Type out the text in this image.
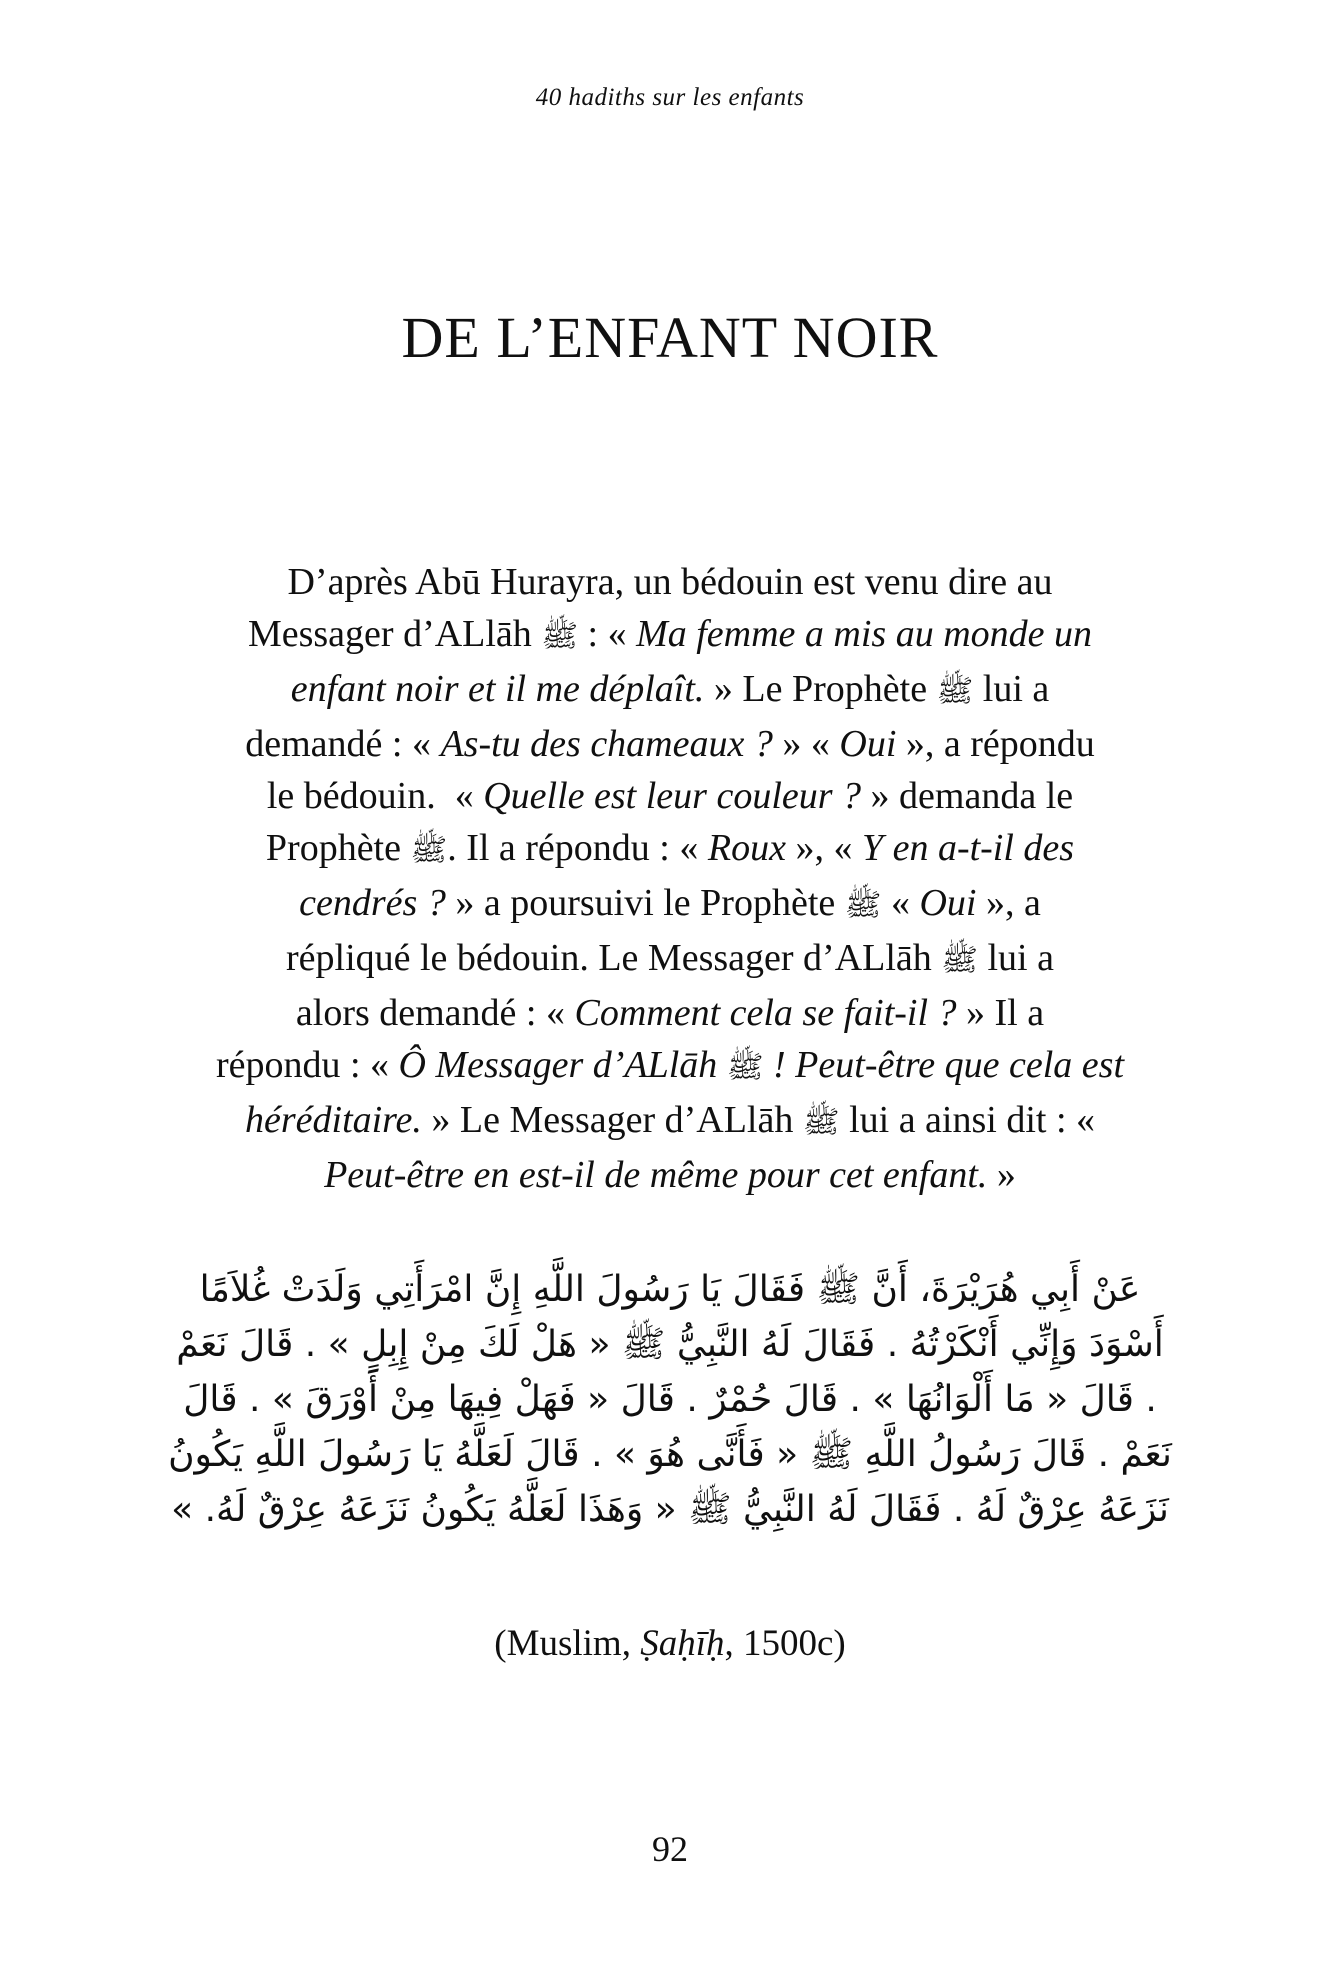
40 hadiths sur les enfants
DE L’ENFANT NOIR
D’après Abū Hurayra, un bédouin est venu dire au
Messager d’ALlāh ﷺ : « Ma femme a mis au monde un
enfant noir et il me déplaît. » Le Prophète ﷺ lui a
demandé : « As-tu des chameaux ? » « Oui », a répondu
le bédouin.  « Quelle est leur couleur ? » demanda le
Prophète ﷺ. Il a répondu : « Roux », « Y en a-t-il des
cendrés ? » a poursuivi le Prophète ﷺ « Oui », a
répliqué le bédouin. Le Messager d’ALlāh ﷺ lui a
alors demandé : « Comment cela se fait-il ? » Il a
répondu : « Ô Messager d’ALlāh ﷺ ! Peut-être que cela est
héréditaire. » Le Messager d’ALlāh ﷺ lui a ainsi dit : «
Peut-être en est-il de même pour cet enfant. »
عَنْ أَبِي هُرَيْرَةَ، أَنَّ ﷺ فَقَالَ يَا رَسُولَ اللَّهِ إِنَّ امْرَأَتِي وَلَدَتْ غُلاَمًا
أَسْوَدَ وَإِنِّي أَنْكَرْتُهُ . فَقَالَ لَهُ النَّبِيُّ ﷺ « هَلْ لَكَ مِنْ إِبِلٍ » . قَالَ نَعَمْ
. قَالَ « مَا أَلْوَانُهَا » . قَالَ حُمْرٌ . قَالَ « فَهَلْ فِيهَا مِنْ أَوْرَقَ » . قَالَ
نَعَمْ . قَالَ رَسُولُ اللَّهِ ﷺ « فَأَنَّى هُوَ » . قَالَ لَعَلَّهُ يَا رَسُولَ اللَّهِ يَكُونُ
نَزَعَهُ عِرْقٌ لَهُ . فَقَالَ لَهُ النَّبِيُّ ﷺ « وَهَذَا لَعَلَّهُ يَكُونُ نَزَعَهُ عِرْقٌ لَهُ. »
(Muslim, Ṣaḥīḥ, 1500c)
92
